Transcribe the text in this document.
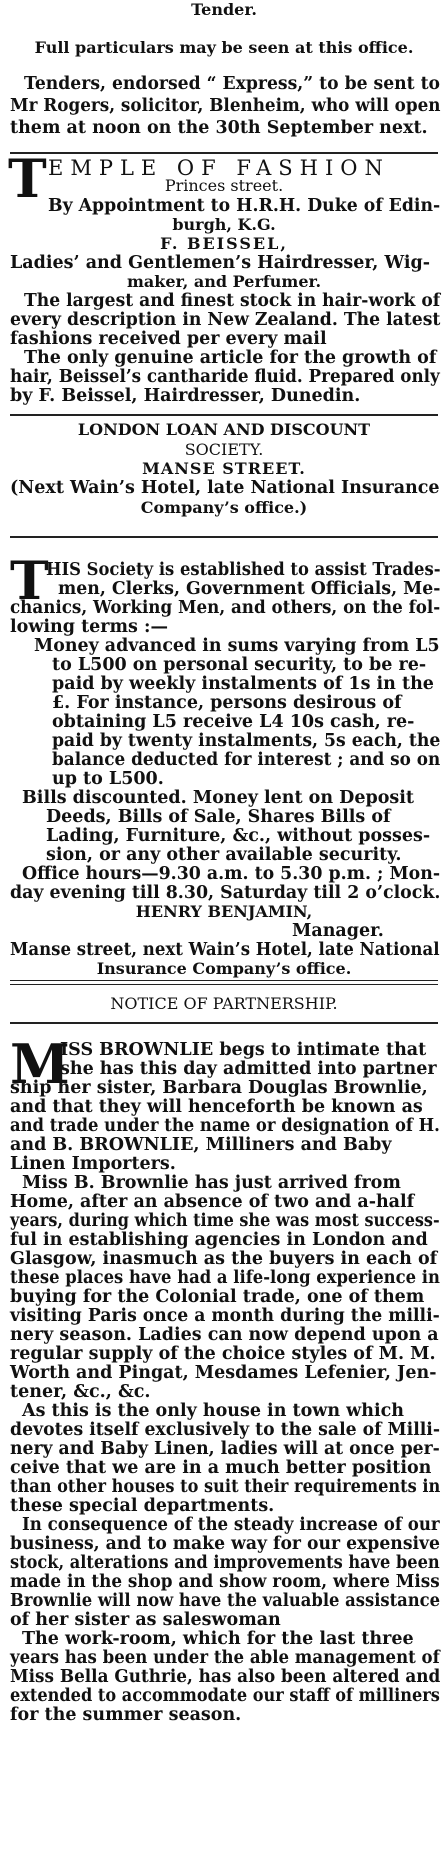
Tender.
Full particulars may be seen at this office.
Tenders, endorsed “ Express,” to be sent to
Mr Rogers, solicitor, Blenheim, who will open
them at noon on the 30th September next.
T EMPLE OF FASHION
Princes street.
By Appointment to H.R.H. Duke of Edin-
burgh, K.G.
F. BEISSEL,
Ladies’ and Gentlemen’s Hairdresser, Wig-
maker, and Perfumer.
The largest and finest stock in hair-work of
every description in New Zealand. The latest
fashions received per every mail
The only genuine article for the growth of
hair, Beissel’s cantharide fluid. Prepared only
by F. Beissel, Hairdresser, Dunedin.
LONDON LOAN AND DISCOUNT
SOCIETY.
MANSE STREET.
(Next Wain’s Hotel, late National Insurance
Company’s office.)
T
HIS Society is established to assist Trades-
men, Clerks, Government Officials, Me-
chanics, Working Men, and others, on the fol-
lowing terms :—
Money advanced in sums varying from L5
to L500 on personal security, to be re-
paid by weekly instalments of 1s in the
£. For instance, persons desirous of
obtaining L5 receive L4 10s cash, re-
paid by twenty instalments, 5s each, the
balance deducted for interest ; and so on
up to L500.
Bills discounted. Money lent on Deposit
Deeds, Bills of Sale, Shares Bills of
Lading, Furniture, &c., without posses-
sion, or any other available security.
Office hours—9.30 a.m. to 5.30 p.m. ; Mon-
day evening till 8.30, Saturday till 2 o’clock.
HENRY BENJAMIN,
Manager.
Manse street, next Wain’s Hotel, late National
Insurance Company’s office.
NOTICE OF PARTNERSHIP.
M
ISS BROWNLIE begs to intimate that
she has this day admitted into partner
ship her sister, Barbara Douglas Brownlie,
and that they will henceforth be known as
and trade under the name or designation of H.
and B. BROWNLIE, Milliners and Baby
Linen Importers.
Miss B. Brownlie has just arrived from
Home, after an absence of two and a-half
years, during which time she was most success-
ful in establishing agencies in London and
Glasgow, inasmuch as the buyers in each of
these places have had a life-long experience in
buying for the Colonial trade, one of them
visiting Paris once a month during the milli-
nery season. Ladies can now depend upon a
regular supply of the choice styles of M. M.
Worth and Pingat, Mesdames Lefenier, Jen-
tener, &c., &c.
As this is the only house in town which
devotes itself exclusively to the sale of Milli-
nery and Baby Linen, ladies will at once per-
ceive that we are in a much better position
than other houses to suit their requirements in
these special departments.
In consequence of the steady increase of our
business, and to make way for our expensive
stock, alterations and improvements have been
made in the shop and show room, where Miss
Brownlie will now have the valuable assistance
of her sister as saleswoman
The work-room, which for the last three
years has been under the able management of
Miss Bella Guthrie, has also been altered and
extended to accommodate our staff of milliners
for the summer season.
